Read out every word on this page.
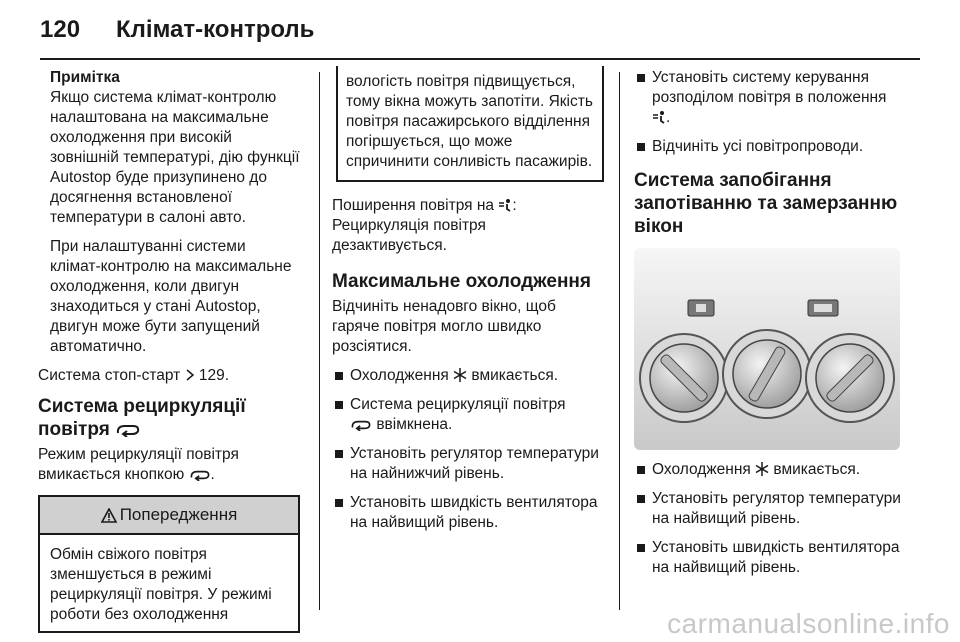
120 Клімат-контроль
Примітка

Якщо система клімат-контролю налаштована на максимальне охолодження при високій зовнішній температурі, дію функції Autostop буде призупинено до досягнення встановленої температури в салоні авто.

При налаштуванні системи клімат-контролю на максимальне охолодження, коли двигун знаходиться у стані Autostop, двигун може бути запущений автоматично.

Система стоп-старт 129.

Система рециркуляції
повітря

Режим рециркуляції повітря вмикається кнопкою .

Попередження
Обмін свіжого повітря зменшується в режимі рециркуляції повітря. У режимі роботи без охолодження
вологість повітря підвищується, тому вікна можуть запотіти. Якість повітря пасажирського відділення погіршується, що може спричинити сонливість пасажирів.

Поширення повітря на :
Рециркуляція повітря дезактивується.

Максимальне охолодження

Відчиніть ненадовго вікно, щоб гаряче повітря могло швидко розсіятися.

Охолодження вмикається.
Система рециркуляції повітря
ввімкнена.
Установіть регулятор температури на найнижчий рівень.
Установіть швидкість вентилятора на найвищий рівень.
Установіть систему керування розподілом повітря в положення
.
Відчиніть усі повітропроводи.
Система запобігання запотіванню та замерзанню вікон
Охолодження вмикається.
Установіть регулятор температури на найвищий рівень.
Установіть швидкість вентилятора на найвищий рівень.
carmanualsonline.info
